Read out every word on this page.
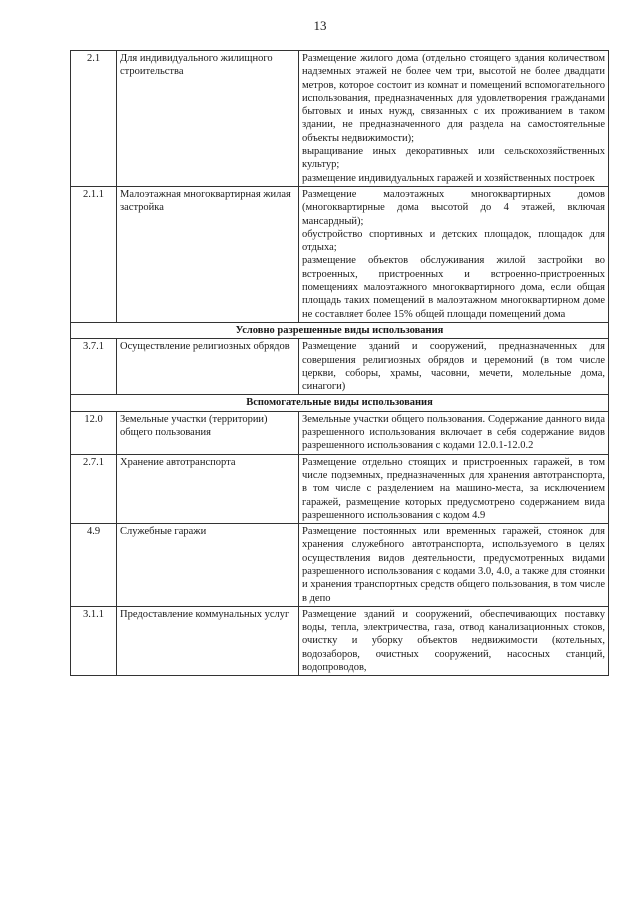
13
2.1	Для индивидуального жилищного строительства	Размещение жилого дома (отдельно стоящего здания количеством надземных этажей не более чем три, высотой не более двадцати метров, которое состоит из комнат и помещений вспомогательного использования, предназначенных для удовлетворения гражданами бытовых и иных нужд, связанных с их проживанием в таком здании, не предназначенного для раздела на самостоятельные объекты недвижимости);
выращивание иных декоративных или сельскохозяйственных культур;
размещение индивидуальных гаражей и хозяйственных построек

2.1.1	Малоэтажная многоквартирная жилая застройка	Размещение малоэтажных многоквартирных домов (многоквартирные дома высотой до 4 этажей, включая мансардный);
обустройство спортивных и детских площадок, площадок для отдыха;
размещение объектов обслуживания жилой застройки во встроенных, пристроенных и встроенно-пристроенных помещениях малоэтажного многоквартирного дома, если общая площадь таких помещений в малоэтажном многоквартирном доме не составляет более 15% общей площади помещений дома

Условно разрешенные виды использования		
3.7.1	Осуществление религиозных обрядов	Размещение зданий и сооружений, предназначенных для совершения религиозных обрядов и церемоний (в том числе церкви, соборы, храмы, часовни, мечети, молельные дома, синагоги)

Вспомогательные виды использования		
12.0	Земельные участки (территории) общего пользования	Земельные участки общего пользования. Содержание данного вида разрешенного использования включает в себя содержание видов разрешенного использования с кодами 12.0.1-12.0.2

2.7.1	Хранение автотранспорта	Размещение отдельно стоящих и пристроенных гаражей, в том числе подземных, предназначенных для хранения автотранспорта, в том числе с разделением на машино-места, за исключением гаражей, размещение которых предусмотрено содержанием вида разрешенного использования с кодом 4.9

4.9	Служебные гаражи	Размещение постоянных или временных гаражей, стоянок для хранения служебного автотранспорта, используемого в целях осуществления видов деятельности, предусмотренных видами разрешенного использования с кодами 3.0, 4.0, а также для стоянки и хранения транспортных средств общего пользования, в том числе в депо

3.1.1	Предоставление коммунальных услуг	Размещение зданий и сооружений, обеспечивающих поставку воды, тепла, электричества, газа, отвод канализационных стоков, очистку и уборку объектов недвижимости (котельных, водозаборов, очистных сооружений, насосных станций, водопроводов,
